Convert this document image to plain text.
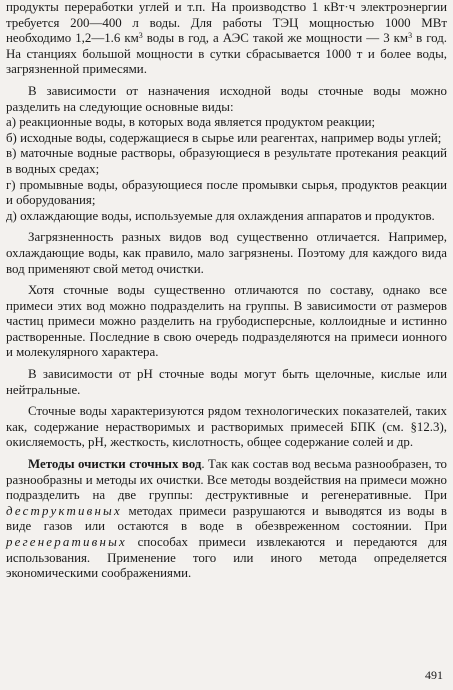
продукты переработки углей и т.п. На производство 1 кВт·ч электроэнергии требуется 200—400 л воды. Для работы ТЭЦ мощностью 1000 МВт необходимо 1,2—1.6 $км^3$ воды в год, а АЭС такой же мощности — 3 $км^3$ в год. На станциях большой мощности в сутки сбрасывается 1000 т и более воды, загрязненной примесями.

В зависимости от назначения исходной воды сточные воды можно разделить на следующие основные виды:

а) реакционные воды, в которых вода является продуктом реакции;

б) исходные воды, содержащиеся в сырье или реагентах, например воды углей;

в) маточные водные растворы, образующиеся в результате протекания реакций в водных средах;

г) промывные воды, образующиеся после промывки сырья, продуктов реакции и оборудования;

д) охлаждающие воды, используемые для охлаждения аппаратов и продуктов.

Загрязненность разных видов вод существенно отличается. Например, охлаждающие воды, как правило, мало загрязнены. Поэтому для каждого вида вод применяют свой метод очистки.

Хотя сточные воды существенно отличаются по составу, однако все примеси этих вод можно подразделить на группы. В зависимости от размеров частиц примеси можно разделить на грубодисперсные, коллоидные и истинно растворенные. Последние в свою очередь подразделяются на примеси ионного и молекулярного характера.

В зависимости от pH сточные воды могут быть щелочные, кислые или нейтральные.

Сточные воды характеризуются рядом технологических показателей, таких как, содержание нерастворимых и растворимых примесей БПК (см. §12.3), окисляемость, pH, жесткость, кислотность, общее содержание солей и др.

Методы очистки сточных вод. Так как состав вод весьма разнообразен, то разнообразны и методы их очистки. Все методы воздействия на примеси можно подразделить на две группы: деструктивные и регенеративные. При деструктивных методах примеси разрушаются и выводятся из воды в виде газов или остаются в воде в обезвреженном состоянии. При регенеративных способах примеси извлекаются и передаются для использования. Применение того или иного метода определяется экономическими соображениями.

491
